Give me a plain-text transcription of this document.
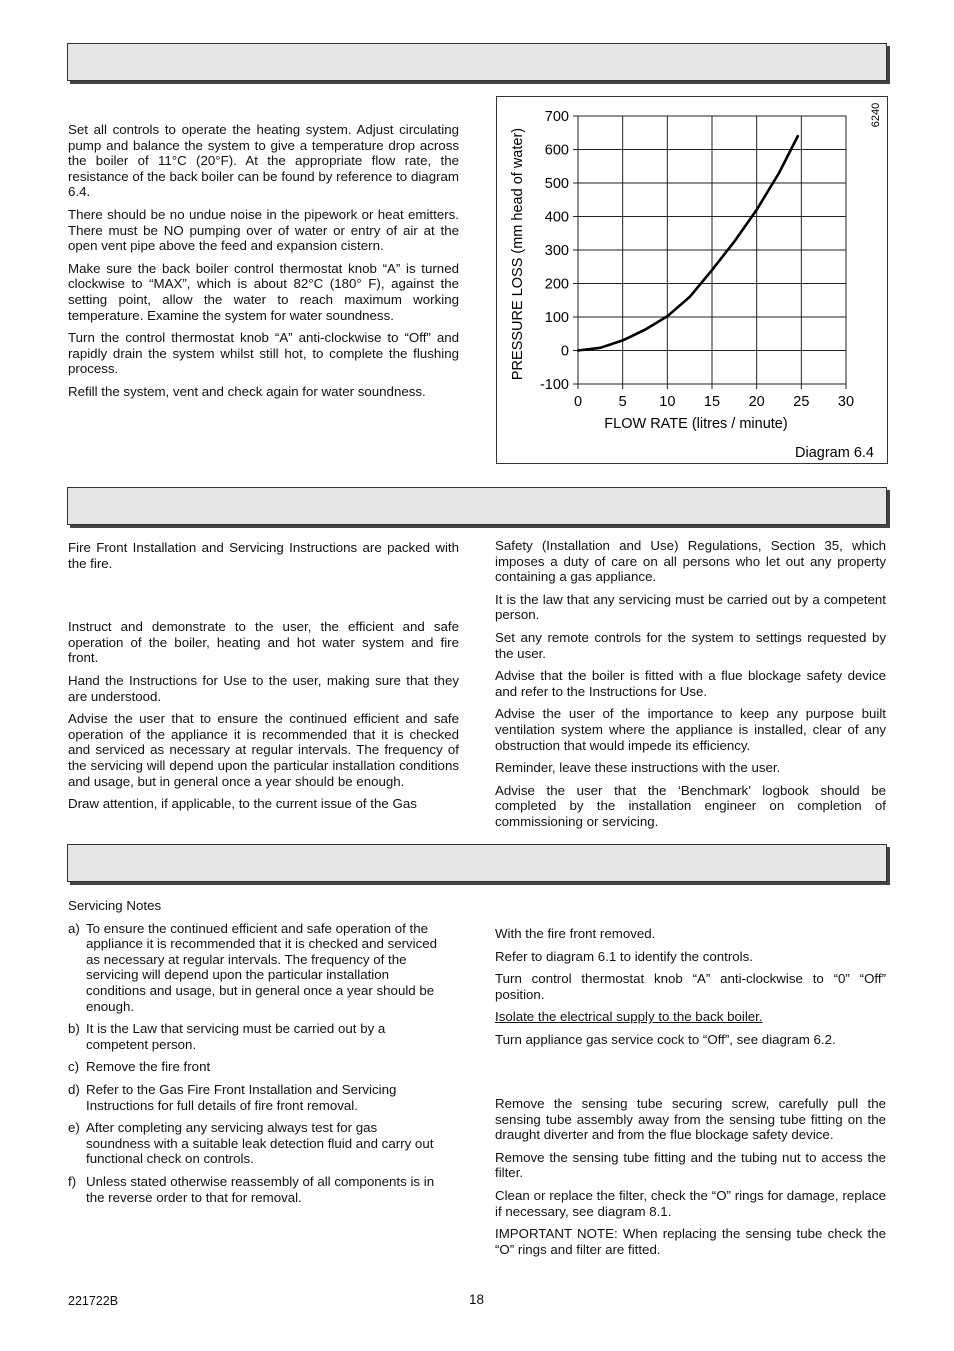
Set all controls to operate the heating system. Adjust circulating pump and balance the system to give a temperature drop across the boiler of 11°C (20°F). At the appropriate flow rate, the resistance of the back boiler can be found by reference to diagram 6.4.

There should be no undue noise in the pipework or heat emitters. There must be NO pumping over of water or entry of air at the open vent pipe above the feed and expansion cistern.

Make sure the back boiler control thermostat knob “A” is turned clockwise to “MAX”, which is about 82°C (180° F), against the setting point, allow the water to reach maximum working temperature. Examine the system for water soundness.

Turn the control thermostat knob “A” anti-clockwise to “Off” and rapidly drain the system whilst still hot, to complete the flushing process.

Refill the system, vent and check again for water soundness.

0	5 10 15 20 25 30
700
600
500
400
300
200
100
0
-100
FLOW RATE (litres / minute)
PRESSURE LOSS (mm head of water)
6240
Diagram 6.4

Fire Front Installation and Servicing Instructions are packed with the fire.

Instruct and demonstrate to the user, the efficient and safe operation of the boiler, heating and hot water system and fire front.

Hand the Instructions for Use to the user, making sure that they are understood.

Advise the user that to ensure the continued efficient and safe operation of the appliance it is recommended that it is checked and serviced as necessary at regular intervals. The frequency of the servicing will depend upon the particular installation conditions and usage, but in general once a year should be enough.

Draw attention, if applicable, to the current issue of the Gas

Safety (Installation and Use) Regulations, Section 35, which imposes a duty of care on all persons who let out any property containing a gas appliance.

It is the law that any servicing must be carried out by a competent person.

Set any remote controls for the system to settings requested by the user.

Advise that the boiler is fitted with a flue blockage safety device and refer to the Instructions for Use.

Advise the user of the importance to keep any purpose built ventilation system where the appliance is installed, clear of any obstruction that would impede its efficiency.

Reminder, leave these instructions with the user.

Advise the user that the ‘Benchmark’ logbook should be completed by the installation engineer on completion of commissioning or servicing.

Servicing Notes

a) To ensure the continued efficient and safe operation of the appliance it is recommended that it is checked and serviced as necessary at regular intervals. The frequency of the servicing will depend upon the particular installation conditions and usage, but in general once a year should be enough.
b) It is the Law that servicing must be carried out by a competent person.
c) Remove the fire front
d) Refer to the Gas Fire Front Installation and Servicing Instructions for full details of fire front removal.
e) After completing any servicing always test for gas soundness with a suitable leak detection fluid and carry out functional check on controls.
f) Unless stated otherwise reassembly of all components is in the reverse order to that for removal.

With the fire front removed.

Refer to diagram 6.1 to identify the controls.

Turn control thermostat knob “A” anti-clockwise to “0” “Off” position.

Isolate the electrical supply to the back boiler.

Turn appliance gas service cock to “Off”, see diagram 6.2.

Remove the sensing tube securing screw, carefully pull the sensing tube assembly away from the sensing tube fitting on the draught diverter and from the flue blockage safety device.

Remove the sensing tube fitting and the tubing nut to access the filter.

Clean or replace the filter, check the “O” rings for damage, replace if necessary, see diagram 8.1.

IMPORTANT NOTE: When replacing the sensing tube check the “O” rings and filter are fitted.

221722B	18
